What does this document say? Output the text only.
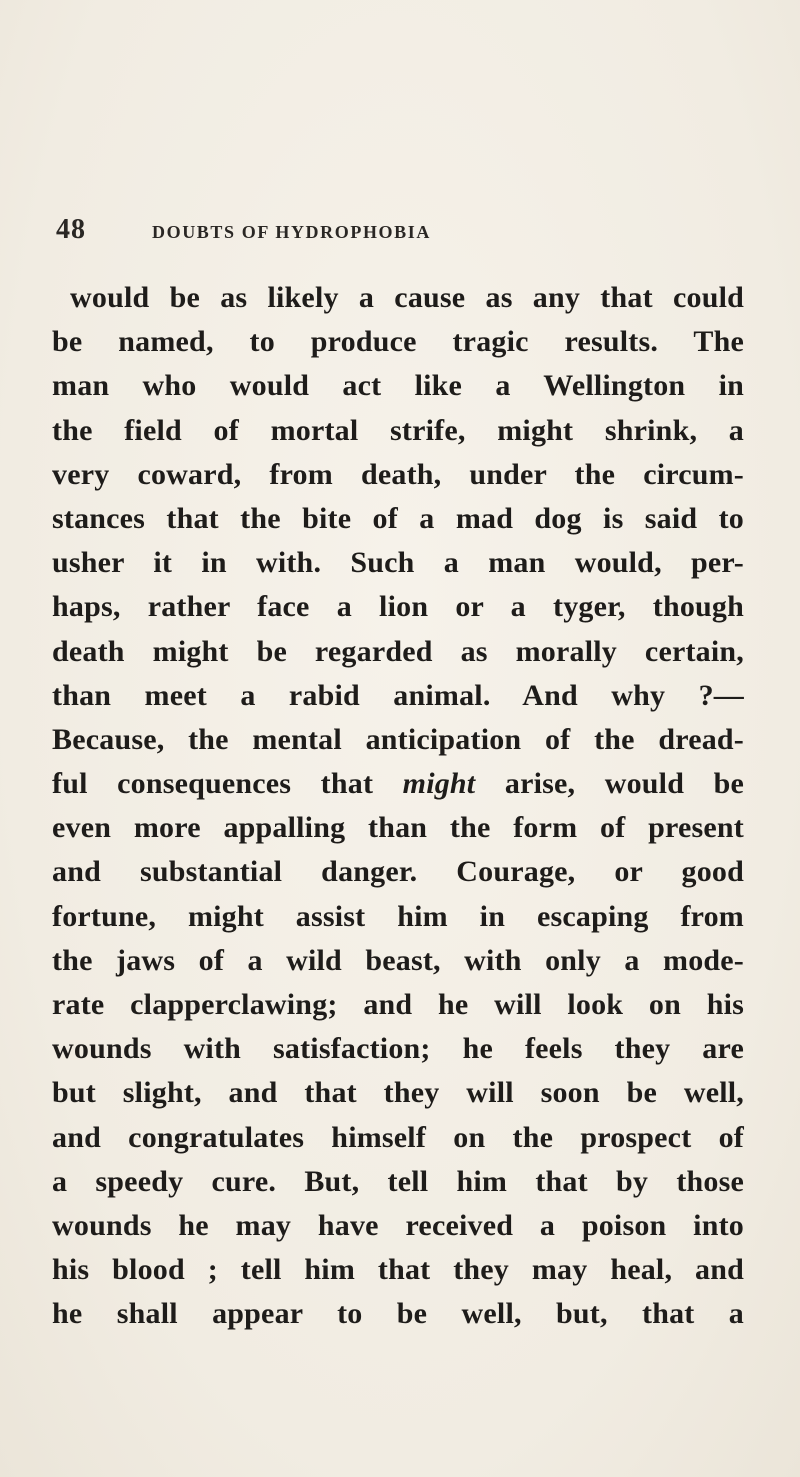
48	DOUBTS OF HYDROPHOBIA
would be as likely a cause as any that could
be named, to produce tragic results. The
man who would act like a Wellington in
the field of mortal strife, might shrink, a
very coward, from death, under the circum-
stances that the bite of a mad dog is said to
usher it in with. Such a man would, per-
haps, rather face a lion or a tyger, though
death might be regarded as morally certain,
than meet a rabid animal. And why ?—
Because, the mental anticipation of the dread-
ful consequences that might arise, would be
even more appalling than the form of present
and substantial danger. Courage, or good
fortune, might assist him in escaping from
the jaws of a wild beast, with only a mode-
rate clapperclawing; and he will look on his
wounds with satisfaction; he feels they are
but slight, and that they will soon be well,
and congratulates himself on the prospect of
a speedy cure. But, tell him that by those
wounds he may have received a poison into
his blood ; tell him that they may heal, and
he shall appear to be well, but, that a
